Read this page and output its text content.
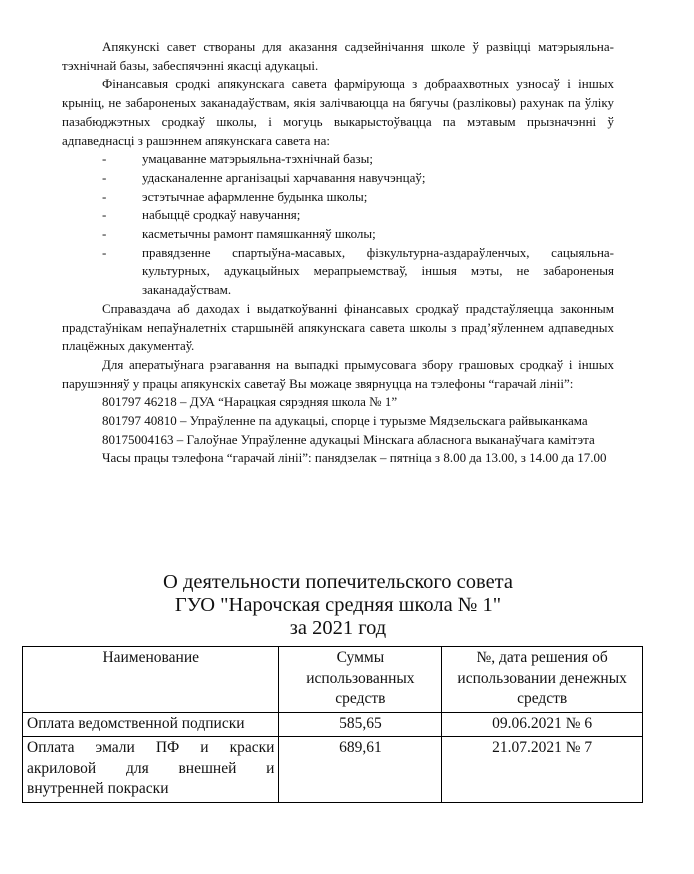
Апякунскі савет створаны для аказання садзейнічання школе ў развіцці матэрыяльна-тэхнічнай базы, забеспячэнні якасці адукацыі.

Фінансавыя сродкі апякунскага савета фармірующа з добраахвотных узносаў і іншых крыніц, не забароненых заканадаўствам, якія залічваюцца на бягучы (разліковы) рахунак па ўліку пазабюджэтных сродкаў школы, і могуць выкарыстоўвацца па мэтавым прызначэнні ў адпаведнасці з рашэннем апякунскага савета на:

-	умацаванне матэрыяльна-тэхнічнай базы;
-	удасканаленне арганізацыі харчавання навучэнцаў;
-	эстэтычнае афармленне будынка школы;
-	набыццё сродкаў навучання;
-	касметычны рамонт памяшканняў школы;
-	правядзенне спартыўна-масавых, фізкультурна-аздараўленчых, сацыяльна-культурных, адукацыйных мерапрыемстваў, іншыя мэты, не забароненыя заканадаўствам.

Справаздача аб даходах і выдаткоўванні фінансавых сродкаў прадстаўляецца законным прадстаўнікам непаўналетніх старшынёй апякунскага савета школы з прад’яўленнем адпаведных плацёжных дакументаў.

Для аператыўнага рэагавання на выпадкі прымусовага збору грашовых сродкаў і іншых парушэнняў у працы апякунскіх саветаў Вы можаце звярнуцца на тэлефоны “гарачай лініі”:

801797 46218 – ДУА “Нарацкая сярэдняя школа № 1”

801797 40810 – Упраўленне па адукацыі, спорце і турызме Мядзельскага райвыканкама

80175004163 – Галоўнае Упраўленне адукацыі Мінскага абласнога выканаўчага камітэта

Часы працы тэлефона “гарачай лініі”: панядзелак – пятніца з 8.00 да 13.00, з 14.00 да 17.00

О деятельности попечительского совета
ГУО "Нарочская средняя школа № 1"
за 2021 год
Наименование	Суммы использованных средств	№, дата решения об использовании денежных средств
Оплата ведомственной подписки	585,65	09.06.2021 № 6
Оплата эмали ПФ и краски акриловой для внешней и внутренней покраски	689,61	21.07.2021 № 7
